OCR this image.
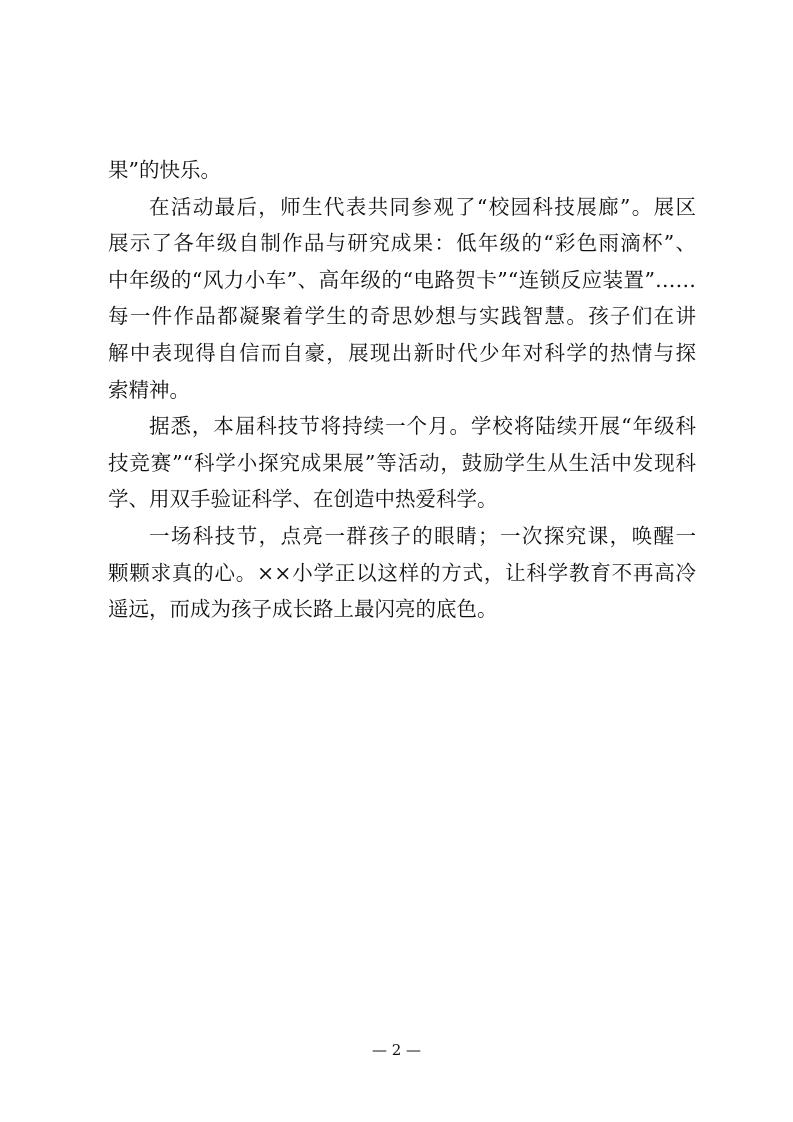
果”的快乐。
在活动最后，师生代表共同参观了“校园科技展廊”。展区
展示了各年级自制作品与研究成果：低年级的“彩色雨滴杯”、
中年级的“风力小车”、高年级的“电路贺卡”“连锁反应装置”……
每一件作品都凝聚着学生的奇思妙想与实践智慧。孩子们在讲
解中表现得自信而自豪，展现出新时代少年对科学的热情与探
索精神。
据悉，本届科技节将持续一个月。学校将陆续开展“年级科
技竞赛”“科学小探究成果展”等活动，鼓励学生从生活中发现科
学、用双手验证科学、在创造中热爱科学。
一场科技节，点亮一群孩子的眼睛；一次探究课，唤醒一
颗颗求真的心。××小学正以这样的方式，让科学教育不再高冷
遥远，而成为孩子成长路上最闪亮的底色。
— 2 —
